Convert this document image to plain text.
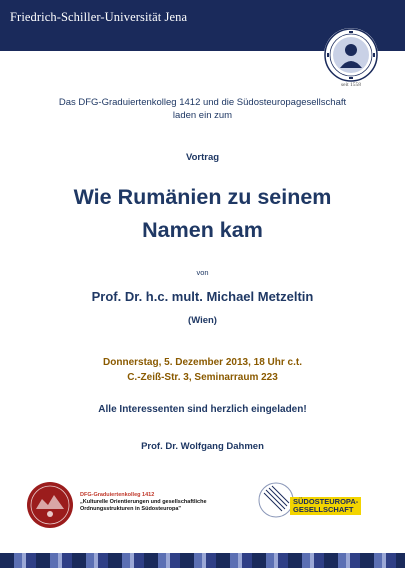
Friedrich-Schiller-Universität Jena
seit 1558
Das DFG-Graduiertenkolleg 1412 und die Südosteuropagesellschaft
laden ein zum
Vortrag
Wie Rumänien zu seinem
Namen kam
von
Prof. Dr. h.c. mult. Michael Metzeltin
(Wien)
Donnerstag, 5. Dezember 2013, 18 Uhr c.t.
C.-Zeiß-Str. 3, Seminarraum 223
Alle Interessenten sind herzlich eingeladen!
Prof. Dr. Wolfgang Dahmen
DFG-Graduiertenkolleg 1412
„Kulturelle Orientierungen und gesellschaftliche
Ordnungsstrukturen in Südosteuropa"
SÜDOSTEUROPA-
GESELLSCHAFT
